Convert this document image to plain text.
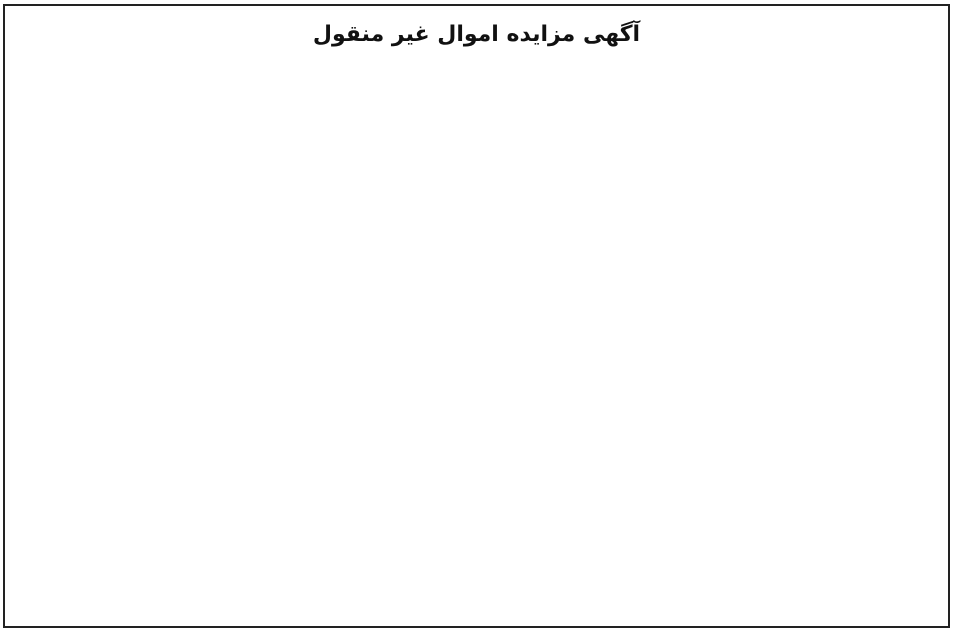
آگهی مزایده اموال غیر منقول
